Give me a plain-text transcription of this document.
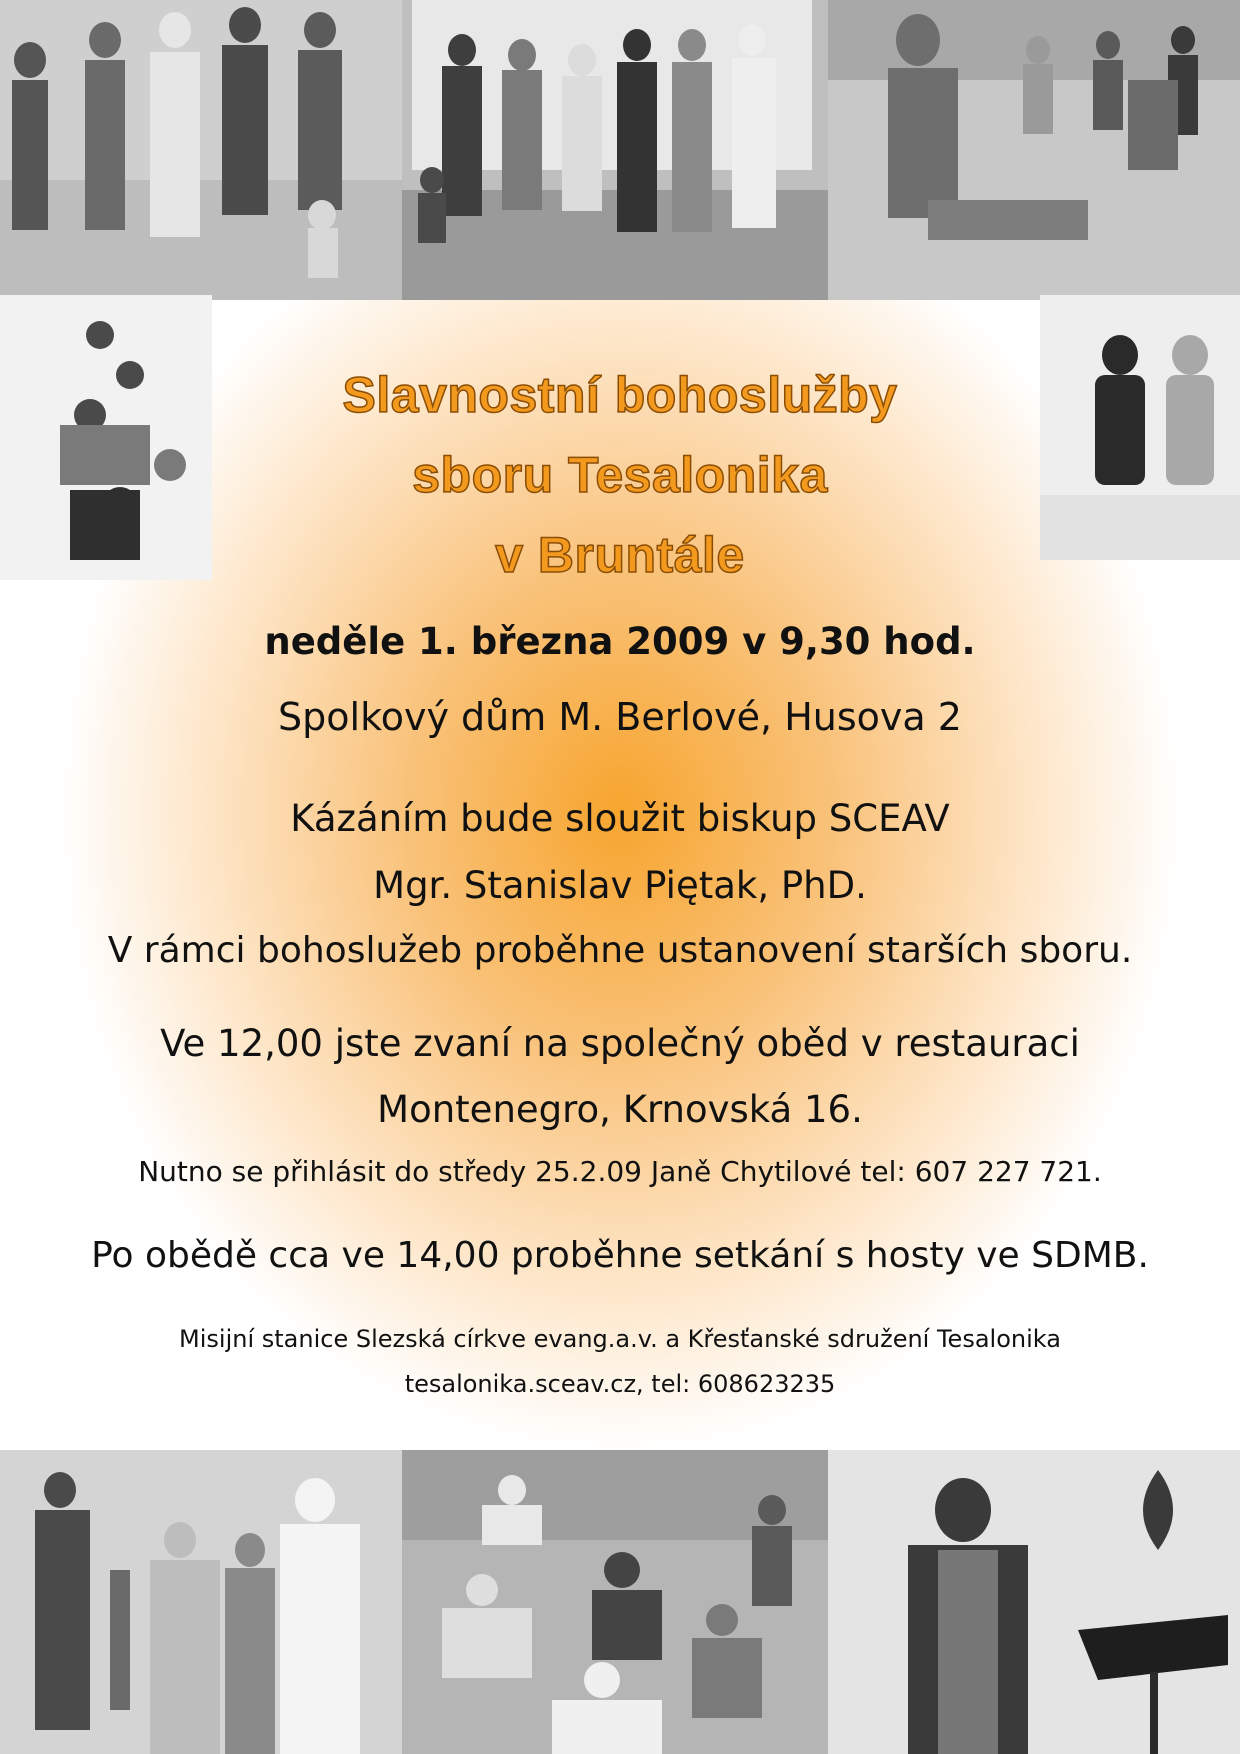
Slavnostní bohoslužby
sboru Tesalonika
v Bruntále
neděle 1. března 2009 v 9,30 hod.
Spolkový dům M. Berlové, Husova 2
Kázáním bude sloužit biskup SCEAV
Mgr. Stanislav Piętak, PhD.
V rámci bohoslužeb proběhne ustanovení starších sboru.
Ve 12,00 jste zvaní na společný oběd v restauraci
Montenegro, Krnovská 16.
Nutno se přihlásit do středy 25.2.09 Janě Chytilové tel: 607 227 721.
Po obědě cca ve 14,00 proběhne setkání s hosty ve SDMB.
Misijní stanice Slezská církve evang.a.v. a Křesťanské sdružení Tesalonika
tesalonika.sceav.cz, tel: 608623235
